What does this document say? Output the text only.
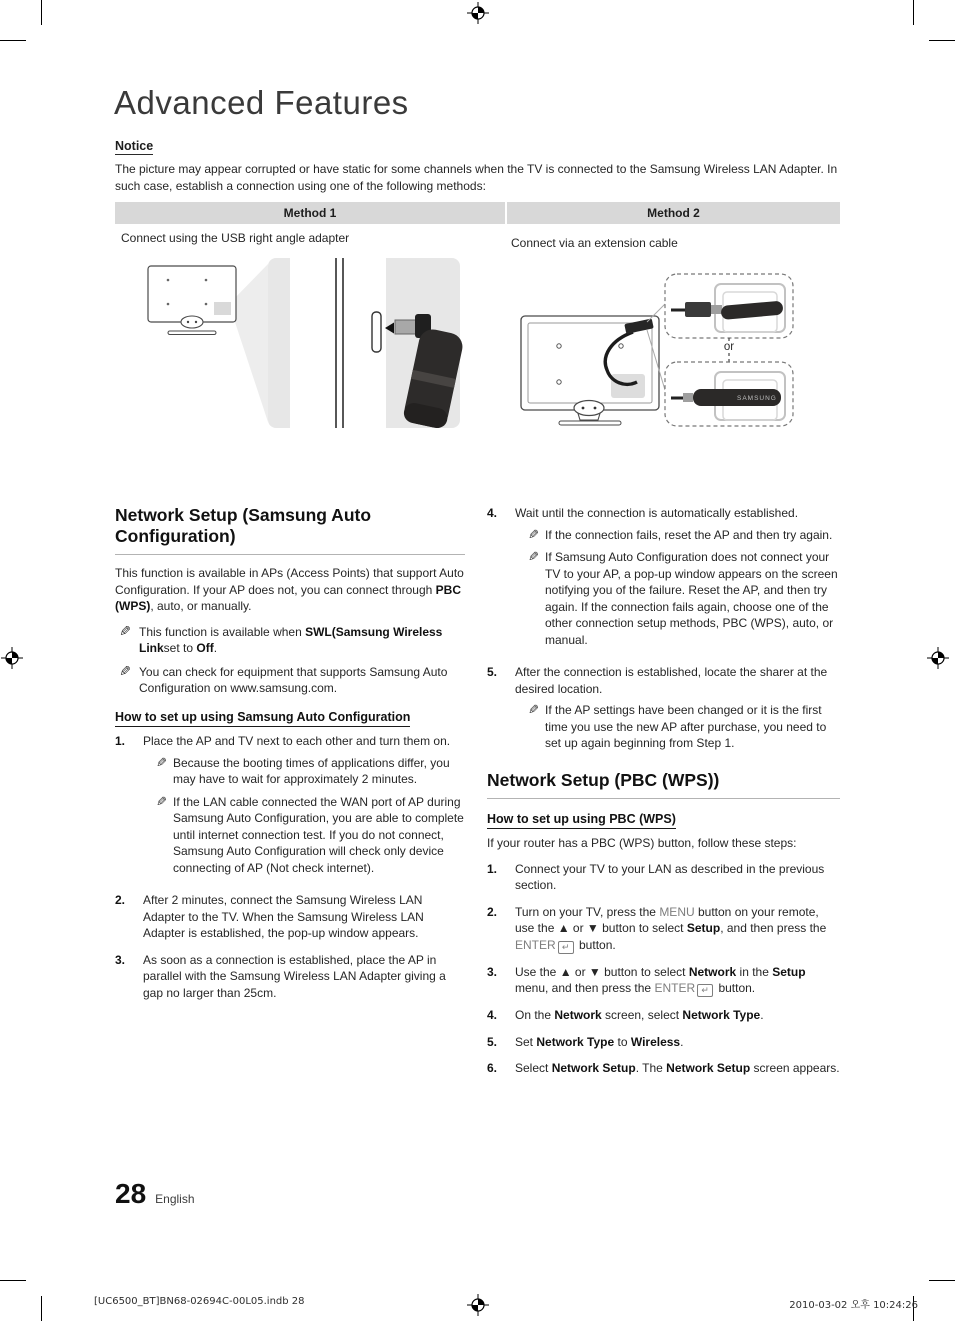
Advanced Features
Notice
The picture may appear corrupted or have static for some channels when the TV is connected to the Samsung Wireless LAN Adapter. In such case, establish a connection using one of the following methods:
Method 1
Connect using the USB right angle adapter
Method 2
Connect via an extension cable
SAMSUNG
or
Network Setup (Samsung Auto Configuration)
This function is available in APs (Access Points) that support Auto Configuration. If your AP does not, you can connect through PBC (WPS), auto, or manually.
✎ This function is available when SWL(Samsung Wireless Linkset to Off.
✎ You can check for equipment that supports Samsung Auto Configuration on www.samsung.com.
How to set up using Samsung Auto Configuration
1.	Place the AP and TV next to each other and turn them on.
✎ Because the booting times of applications differ, you may have to wait for approximately 2 minutes.
✎ If the LAN cable connected the WAN port of AP during Samsung Auto Configuration, you are able to complete until internet connection test. If you do not connect, Samsung Auto Configuration will check only device connecting of AP (Not check internet).
2.	After 2 minutes, connect the Samsung Wireless LAN Adapter to the TV. When the Samsung Wireless LAN Adapter is established, the pop-up window appears.
3.	As soon as a connection is established, place the AP in parallel with the Samsung Wireless LAN Adapter giving a gap no larger than 25cm.
4.	Wait until the connection is automatically established.
✎ If the connection fails, reset the AP and then try again.
✎ If Samsung Auto Configuration does not connect your TV to your AP, a pop-up window appears on the screen notifying you of the failure. Reset the AP, and then try again. If the connection fails again, choose one of the other connection setup methods, PBC (WPS), auto, or manual.
5.	After the connection is established, locate the sharer at the desired location.
✎ If the AP settings have been changed or it is the first time you use the new AP after purchase, you need to set up again beginning from Step 1.
Network Setup (PBC (WPS))
How to set up using PBC (WPS)
If your router has a PBC (WPS) button, follow these steps:
1.	Connect your TV to your LAN as described in the previous section.
2.	Turn on your TV, press the MENU button on your remote, use the ▲ or ▼ button to select Setup, and then press the ENTER ↵ button.
3.	Use the ▲ or ▼ button to select Network in the Setup menu, and then press the ENTER ↵ button.
4.	On the Network screen, select Network Type.
5.	Set Network Type to Wireless.
6.	Select Network Setup. The Network Setup screen appears.
28 English
[UC6500_BT]BN68-02694C-00L05.indb 28	2010-03-02 오후 10:24:26
